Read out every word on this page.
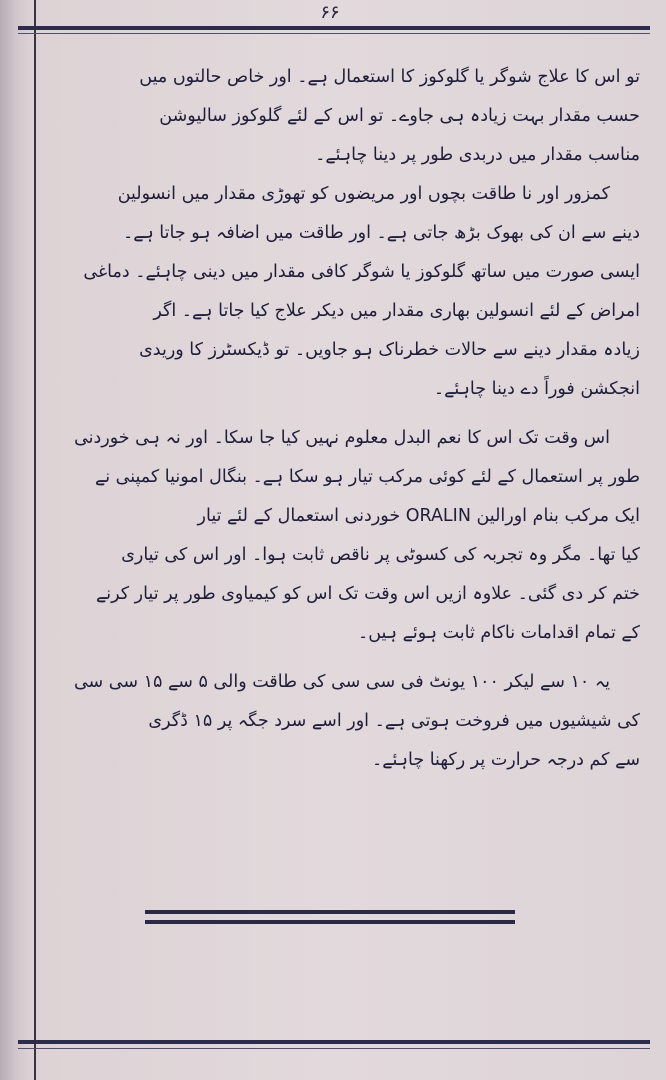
۶۶
تو اس کا علاج شوگر یا گلوکوز کا استعمال ہے۔ اور خاص حالتوں میں
حسب مقدار بہت زیادہ ہی جاوے۔ تو اس کے لئے گلوکوز سالیوشن
مناسب مقدار میں دربدی طور پر دینا چاہئے۔
کمزور اور نا طاقت بچوں اور مریضوں کو تھوڑی مقدار میں انسولین
دینے سے ان کی بھوک بڑھ جاتی ہے۔ اور طاقت میں اضافہ ہو جاتا ہے۔
ایسی صورت میں ساتھ گلوکوز یا شوگر کافی مقدار میں دینی چاہئے۔ دماغی
امراض کے لئے انسولین بھاری مقدار میں دیکر علاج کیا جاتا ہے۔ اگر
زیادہ مقدار دینے سے حالات خطرناک ہو جاویں۔ تو ڈیکسٹرز کا وریدی
انجکشن فوراً دے دینا چاہئے۔
اس وقت تک اس کا نعم البدل معلوم نہیں کیا جا سکا۔ اور نہ ہی خوردنی
طور پر استعمال کے لئے کوئی مرکب تیار ہو سکا ہے۔ بنگال امونیا کمپنی نے
ایک مرکب بنام اورالین ORALIN خوردنی استعمال کے لئے تیار
کیا تھا۔ مگر وہ تجربہ کی کسوٹی پر ناقص ثابت ہوا۔ اور اس کی تیاری
ختم کر دی گئی۔ علاوہ ازیں اس وقت تک اس کو کیمیاوی طور پر تیار کرنے
کے تمام اقدامات ناکام ثابت ہوئے ہیں۔
یہ ۱۰ سے لیکر ۱۰۰ یونٹ فی سی سی کی طاقت والی ۵ سے ۱۵ سی سی
کی شیشیوں میں فروخت ہوتی ہے۔ اور اسے سرد جگہ پر ۱۵ ڈگری
سے کم درجہ حرارت پر رکھنا چاہئے۔
